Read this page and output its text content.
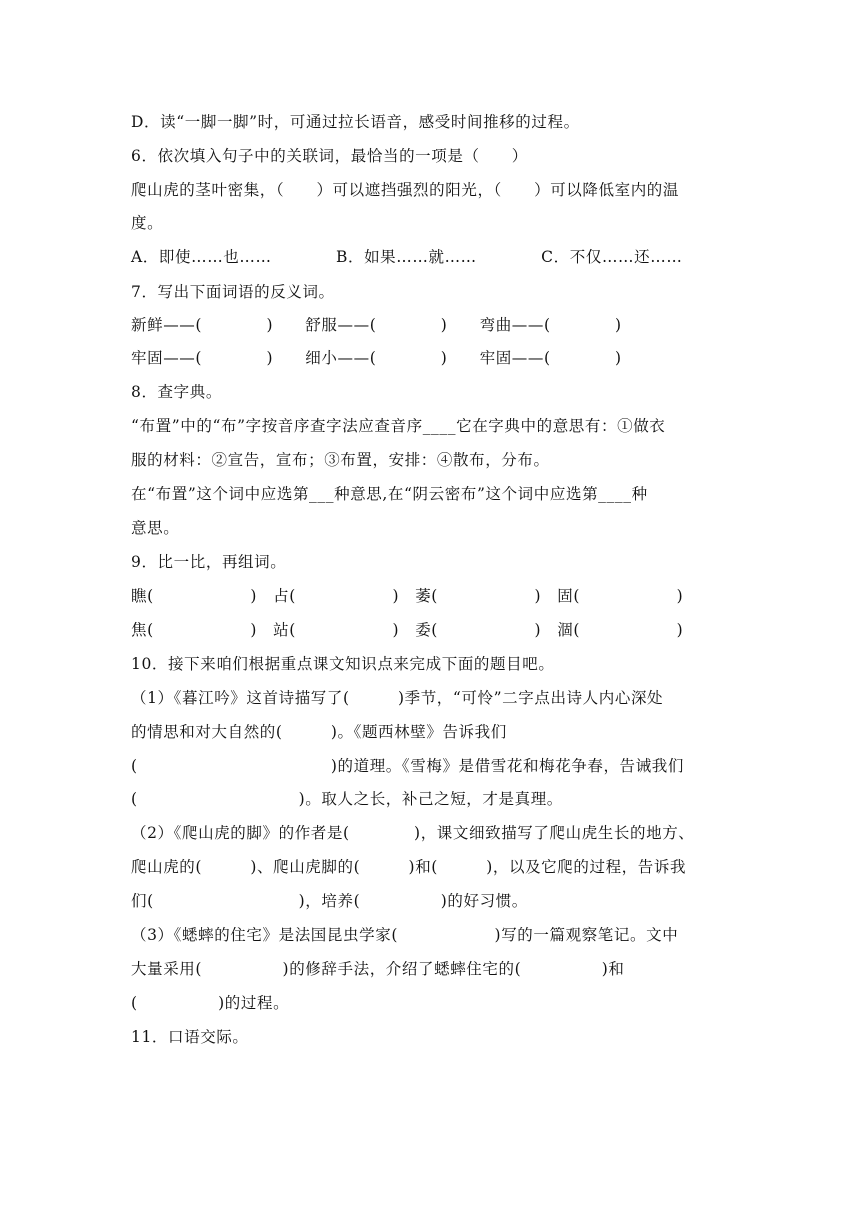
D．读“一脚一脚”时，可通过拉长语音，感受时间推移的过程。
6．依次填入句子中的关联词，最恰当的一项是（　　）
爬山虎的茎叶密集，（　　）可以遮挡强烈的阳光，（　　）可以降低室内的温
度。
A．即使……也……　　　　B．如果……就……　　　　C．不仅……还……
7．写出下面词语的反义词。
新鲜——(　　　　)　　舒服——(　　　　)　　弯曲——(　　　　)
牢固——(　　　　)　　细小——(　　　　)　　牢固——(　　　　)
8．查字典。
“布置”中的“布”字按音序查字法应查音序____它在字典中的意思有：①做衣
服的材料：②宣告，宣布；③布置，安排：④散布，分布。
在“布置”这个词中应选第___种意思,在“阴云密布”这个词中应选第____种
意思。
9．比一比，再组词。
瞧(　　　　　　)　占(　　　　　　)　萎(　　　　　　)　固(　　　　　　)
焦(　　　　　　)　站(　　　　　　)　委(　　　　　　)　涸(　　　　　　)
10．接下来咱们根据重点课文知识点来完成下面的题目吧。
（1）《暮江吟》这首诗描写了(　　　)季节，“可怜”二字点出诗人内心深处
的情思和对大自然的(　　　)。《题西林壁》告诉我们
(　　　　　　　　　　　　)的道理。《雪梅》是借雪花和梅花争春，告诫我们
(　　　　　　　　　　)。取人之长，补己之短，才是真理。
（2）《爬山虎的脚》的作者是(　　　　)，课文细致描写了爬山虎生长的地方、
爬山虎的(　　　)、爬山虎脚的(　　　)和(　　　)，以及它爬的过程，告诉我
们(　　　　　　　　　)，培养(　　　　　)的好习惯。
（3）《蟋蟀的住宅》是法国昆虫学家(　　　　　　)写的一篇观察笔记。文中
大量采用(　　　　　)的修辞手法，介绍了蟋蟀住宅的(　　　　　)和
(　　　　　)的过程。
11．口语交际。
